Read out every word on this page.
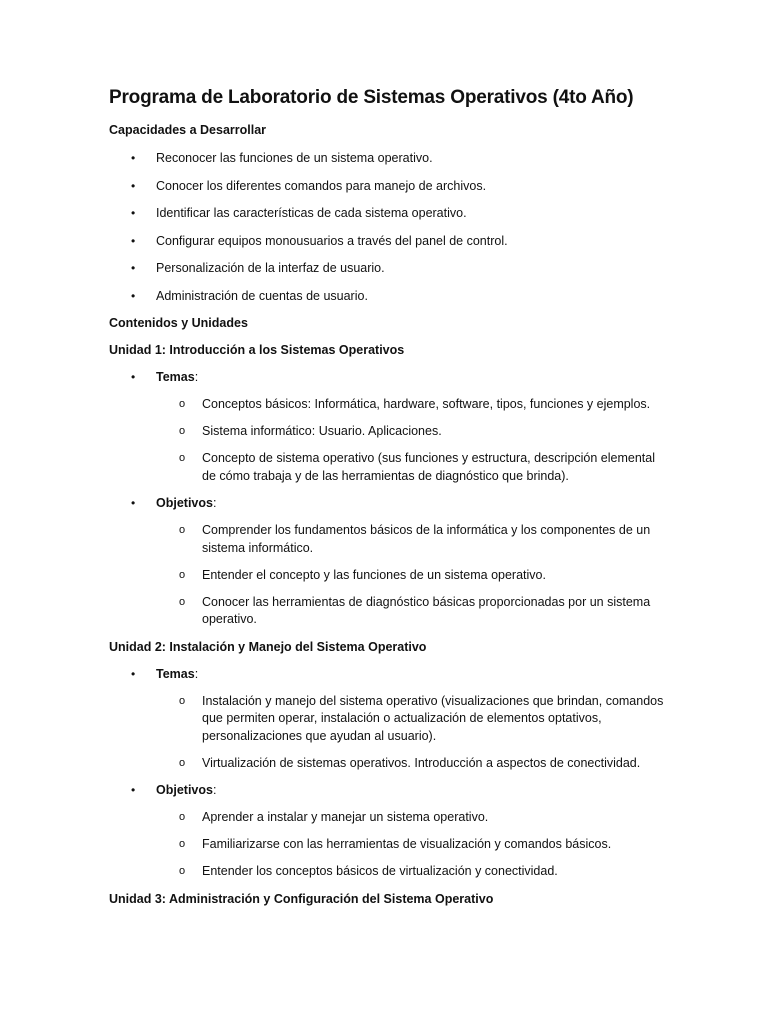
Programa de Laboratorio de Sistemas Operativos (4to Año)
Capacidades a Desarrollar
• Reconocer las funciones de un sistema operativo.
• Conocer los diferentes comandos para manejo de archivos.
• Identificar las características de cada sistema operativo.
• Configurar equipos monousuarios a través del panel de control.
• Personalización de la interfaz de usuario.
• Administración de cuentas de usuario.
Contenidos y Unidades
Unidad 1: Introducción a los Sistemas Operativos
• Temas:
o Conceptos básicos: Informática, hardware, software, tipos, funciones y ejemplos.
o Sistema informático: Usuario. Aplicaciones.
o Concepto de sistema operativo (sus funciones y estructura, descripción elemental de cómo trabaja y de las herramientas de diagnóstico que brinda).
• Objetivos:
o Comprender los fundamentos básicos de la informática y los componentes de un sistema informático.
o Entender el concepto y las funciones de un sistema operativo.
o Conocer las herramientas de diagnóstico básicas proporcionadas por un sistema operativo.
Unidad 2: Instalación y Manejo del Sistema Operativo
• Temas:
o Instalación y manejo del sistema operativo (visualizaciones que brindan, comandos que permiten operar, instalación o actualización de elementos optativos, personalizaciones que ayudan al usuario).
o Virtualización de sistemas operativos. Introducción a aspectos de conectividad.
• Objetivos:
o Aprender a instalar y manejar un sistema operativo.
o Familiarizarse con las herramientas de visualización y comandos básicos.
o Entender los conceptos básicos de virtualización y conectividad.
Unidad 3: Administración y Configuración del Sistema Operativo
